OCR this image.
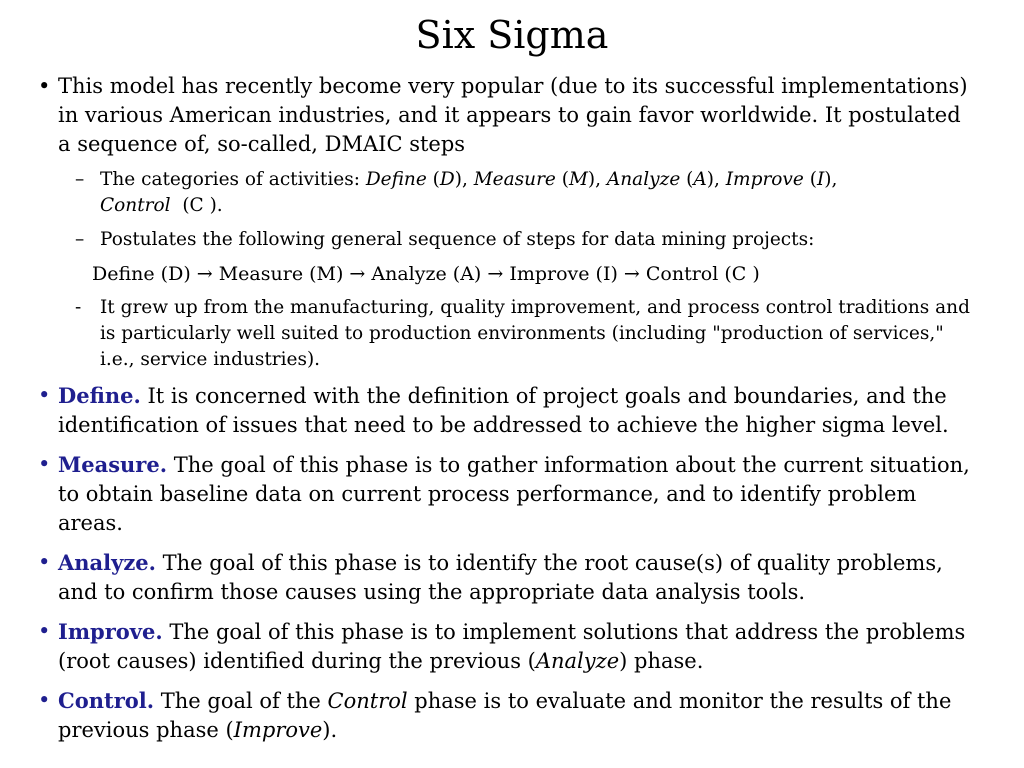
Six Sigma
• This model has recently become very popular (due to its successful implementations) in various American industries, and it appears to gain favor worldwide. It postulated a sequence of, so-called, DMAIC steps
– The categories of activities: Define (D), Measure (M), Analyze (A), Improve (I),
Control (C ).
– Postulates the following general sequence of steps for data mining projects:
Define (D) → Measure (M) → Analyze (A) → Improve (I) → Control (C )
- It grew up from the manufacturing, quality improvement, and process control traditions and is particularly well suited to production environments (including "production of services," i.e., service industries).
• Define. It is concerned with the definition of project goals and boundaries, and the identification of issues that need to be addressed to achieve the higher sigma level.
• Measure. The goal of this phase is to gather information about the current situation, to obtain baseline data on current process performance, and to identify problem areas.
• Analyze. The goal of this phase is to identify the root cause(s) of quality problems, and to confirm those causes using the appropriate data analysis tools.
• Improve. The goal of this phase is to implement solutions that address the problems (root causes) identified during the previous (Analyze) phase.
• Control. The goal of the Control phase is to evaluate and monitor the results of the previous phase (Improve).
